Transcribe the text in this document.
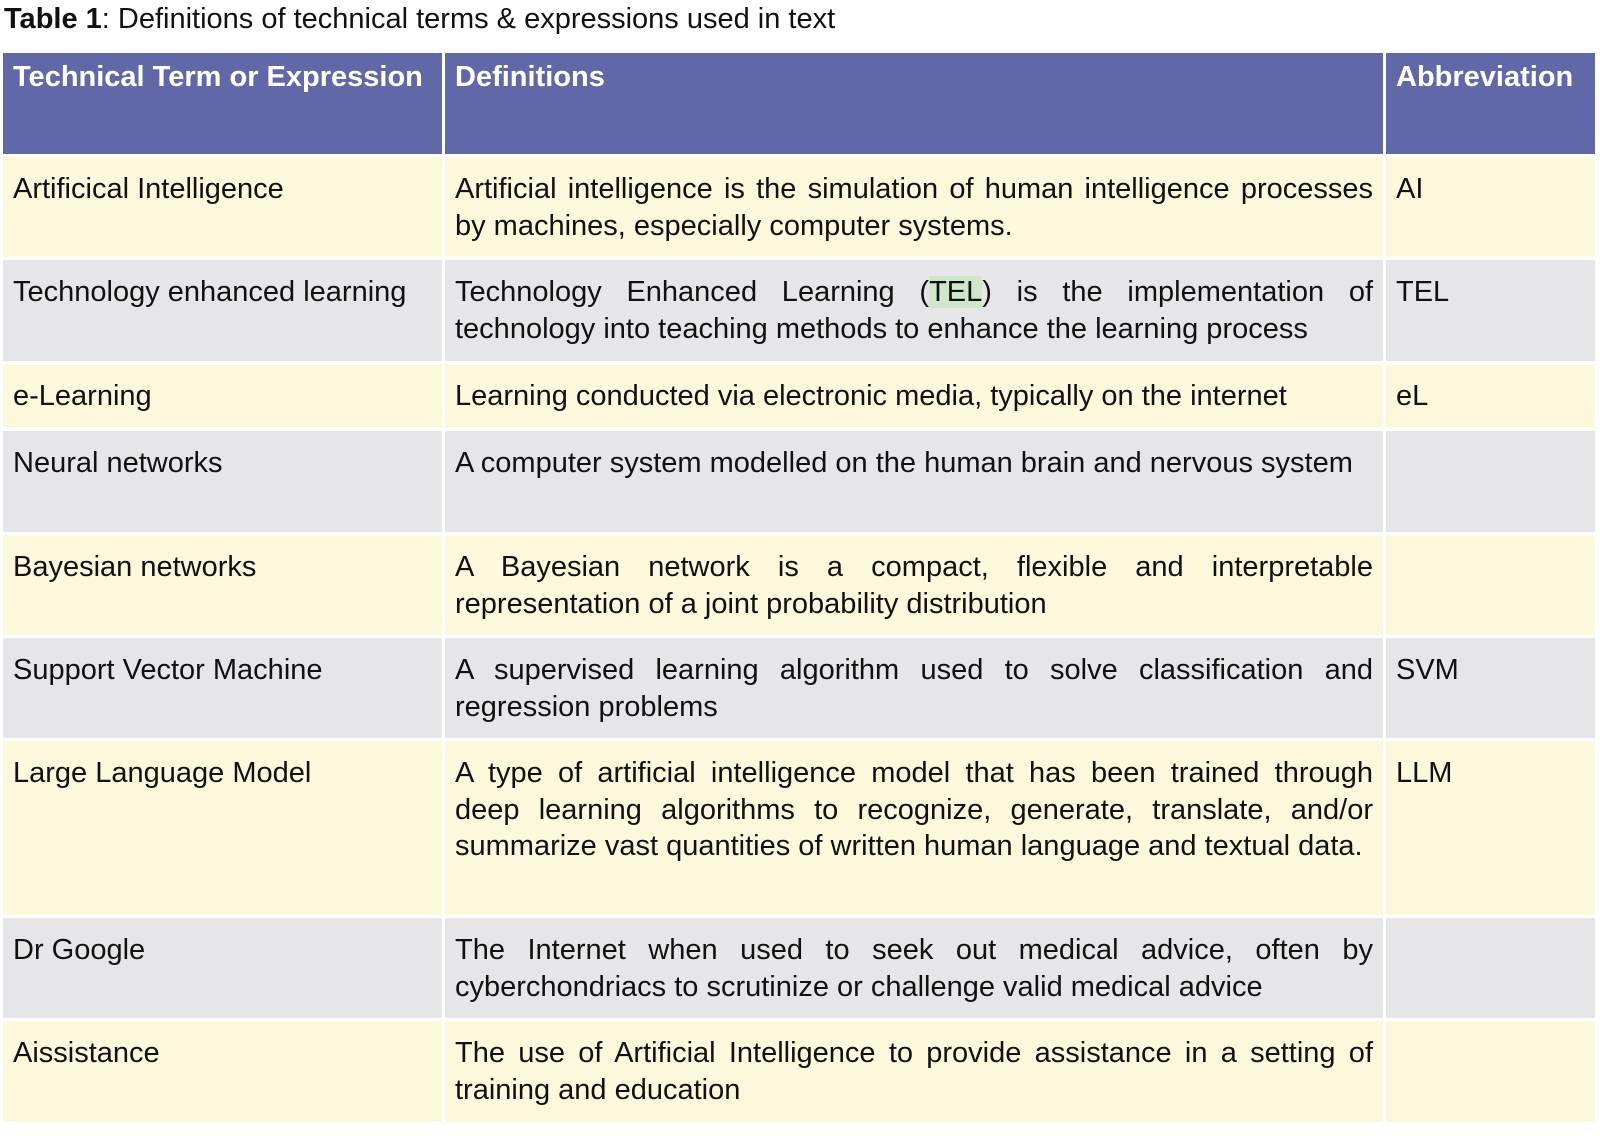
Table 1: Definitions of technical terms & expressions used in text
Technical Term or Expression	Definitions	Abbreviation
Artificical Intelligence	Artificial intelligence is the simulation of human intelligence processes by machines, especially computer systems.	AI
Technology enhanced learning	Technology Enhanced Learning (TEL) is the implementation of technology into teaching methods to enhance the learning process	TEL
e-Learning	Learning conducted via electronic media, typically on the internet	eL
Neural networks	A computer system modelled on the human brain and nervous system	
Bayesian networks	A Bayesian network is a compact, flexible and interpretable representation of a joint probability distribution	
Support Vector Machine	A supervised learning algorithm used to solve classification and regression problems	SVM
Large Language Model	A type of artificial intelligence model that has been trained through deep learning algorithms to recognize, generate, translate, and/or summarize vast quantities of written human language and textual data.	LLM
Dr Google	The Internet when used to seek out medical advice, often by cyberchondriacs to scrutinize or challenge valid medical advice	
Aissistance	The use of Artificial Intelligence to provide assistance in a setting of training and education	
